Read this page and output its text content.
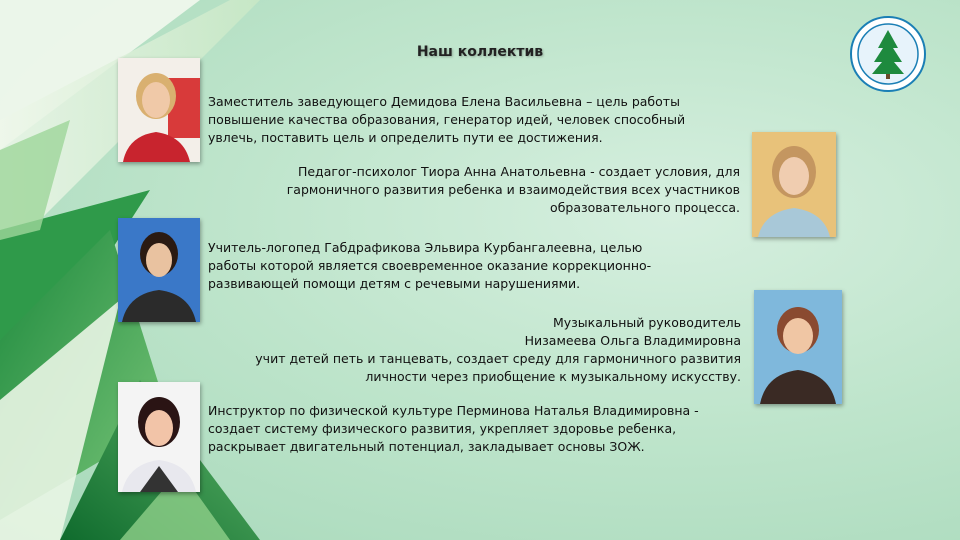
Наш коллектив
Заместитель заведующего Демидова Елена Васильевна – цель работы
повышение качества образования, генератор идей, человек способный
увлечь, поставить цель и определить пути ее достижения.
Педагог-психолог Тиора Анна Анатольевна - создает условия, для
гармоничного развития ребенка и взаимодействия всех участников
образовательного процесса.
Учитель-логопед Габдрафикова Эльвира Курбангалеевна, целью
работы которой является своевременное оказание коррекционно-
развивающей помощи детям с речевыми нарушениями.
Музыкальный руководитель
Низамеева Ольга Владимировна
учит детей петь и танцевать, создает среду для гармоничного развития
личности через приобщение к музыкальному искусству.
Инструктор по физической культуре Перминова Наталья Владимировна -
создает систему физического развития, укрепляет здоровье ребенка,
раскрывает двигательный потенциал, закладывает основы ЗОЖ.
